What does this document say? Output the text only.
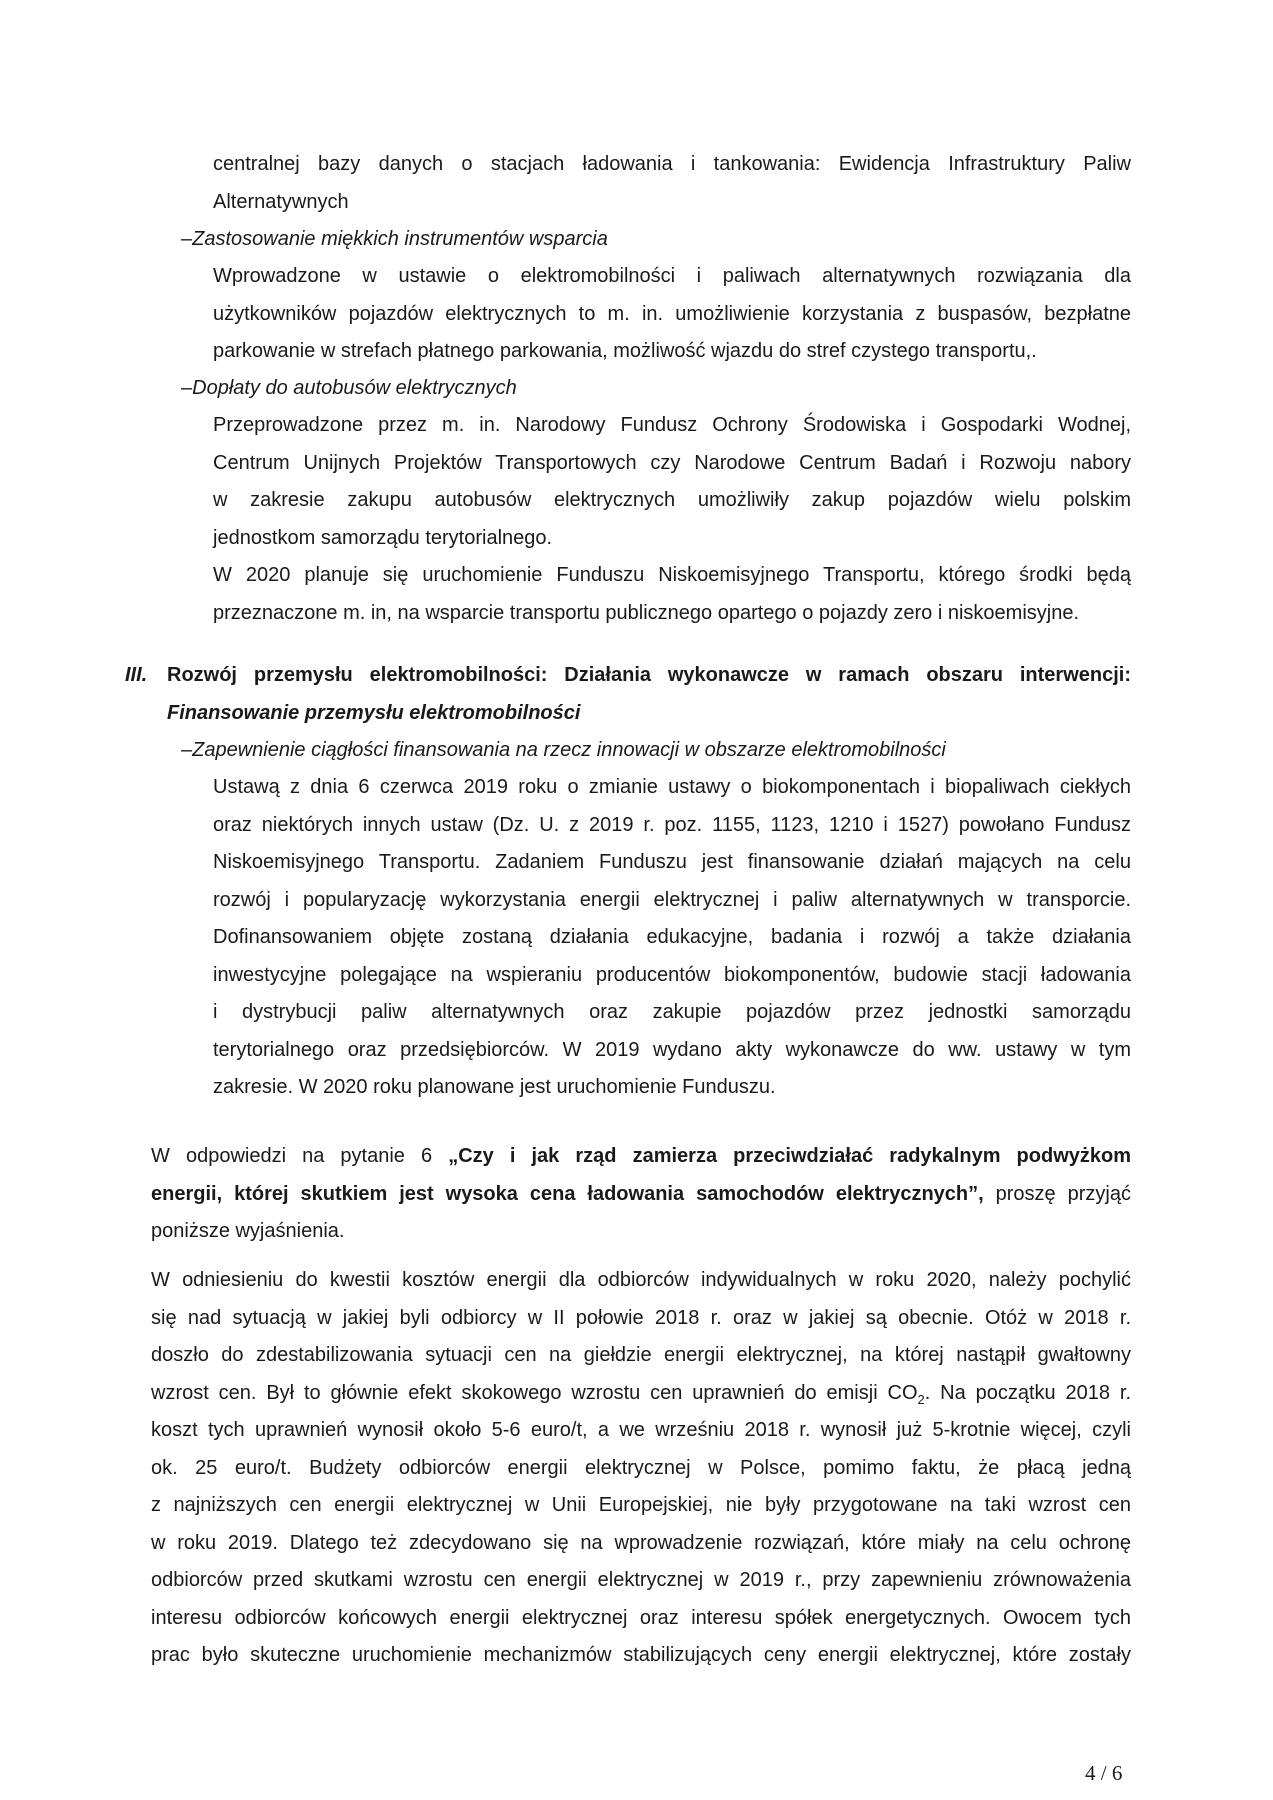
centralnej bazy danych o stacjach ładowania i tankowania: Ewidencja Infrastruktury Paliw
Alternatywnych
–Zastosowanie miękkich instrumentów wsparcia
Wprowadzone w ustawie o elektromobilności i paliwach alternatywnych rozwiązania dla
użytkowników pojazdów elektrycznych to m. in. umożliwienie korzystania z buspasów, bezpłatne
parkowanie w strefach płatnego parkowania, możliwość wjazdu do stref czystego transportu,.
–Dopłaty do autobusów elektrycznych
Przeprowadzone przez m. in. Narodowy Fundusz Ochrony Środowiska i Gospodarki Wodnej,
Centrum Unijnych Projektów Transportowych czy Narodowe Centrum Badań i Rozwoju nabory
w zakresie zakupu autobusów elektrycznych umożliwiły zakup pojazdów wielu polskim
jednostkom samorządu terytorialnego.
W 2020 planuje się uruchomienie Funduszu Niskoemisyjnego Transportu, którego środki będą
przeznaczone m. in, na wsparcie transportu publicznego opartego o pojazdy zero i niskoemisyjne.
III. Rozwój przemysłu elektromobilności: Działania wykonawcze w ramach obszaru interwencji:
Finansowanie przemysłu elektromobilności
–Zapewnienie ciągłości finansowania na rzecz innowacji w obszarze elektromobilności
Ustawą z dnia 6 czerwca 2019 roku o zmianie ustawy o biokomponentach i biopaliwach ciekłych
oraz niektórych innych ustaw (Dz. U. z 2019 r. poz. 1155, 1123, 1210 i 1527) powołano Fundusz
Niskoemisyjnego Transportu. Zadaniem Funduszu jest finansowanie działań mających na celu
rozwój i popularyzację wykorzystania energii elektrycznej i paliw alternatywnych w transporcie.
Dofinansowaniem objęte zostaną działania edukacyjne, badania i rozwój a także działania
inwestycyjne polegające na wspieraniu producentów biokomponentów, budowie stacji ładowania
i dystrybucji paliw alternatywnych oraz zakupie pojazdów przez jednostki samorządu
terytorialnego oraz przedsiębiorców. W 2019 wydano akty wykonawcze do ww. ustawy w tym
zakresie. W 2020 roku planowane jest uruchomienie Funduszu.
W odpowiedzi na pytanie 6 „Czy i jak rząd zamierza przeciwdziałać radykalnym podwyżkom
energii, której skutkiem jest wysoka cena ładowania samochodów elektrycznych”, proszę przyjąć
poniższe wyjaśnienia.
W odniesieniu do kwestii kosztów energii dla odbiorców indywidualnych w roku 2020, należy pochylić
się nad sytuacją w jakiej byli odbiorcy w II połowie 2018 r. oraz w jakiej są obecnie. Otóż w 2018 r.
doszło do zdestabilizowania sytuacji cen na giełdzie energii elektrycznej, na której nastąpił gwałtowny
wzrost cen. Był to głównie efekt skokowego wzrostu cen uprawnień do emisji $CO_2$. Na początku 2018 r.
koszt tych uprawnień wynosił około 5-6 euro/t, a we wrześniu 2018 r. wynosił już 5-krotnie więcej, czyli
ok. 25 euro/t. Budżety odbiorców energii elektrycznej w Polsce, pomimo faktu, że płacą jedną
z najniższych cen energii elektrycznej w Unii Europejskiej, nie były przygotowane na taki wzrost cen
w roku 2019. Dlatego też zdecydowano się na wprowadzenie rozwiązań, które miały na celu ochronę
odbiorców przed skutkami wzrostu cen energii elektrycznej w 2019 r., przy zapewnieniu zrównoważenia
interesu odbiorców końcowych energii elektrycznej oraz interesu spółek energetycznych. Owocem tych
prac było skuteczne uruchomienie mechanizmów stabilizujących ceny energii elektrycznej, które zostały
4 / 6
